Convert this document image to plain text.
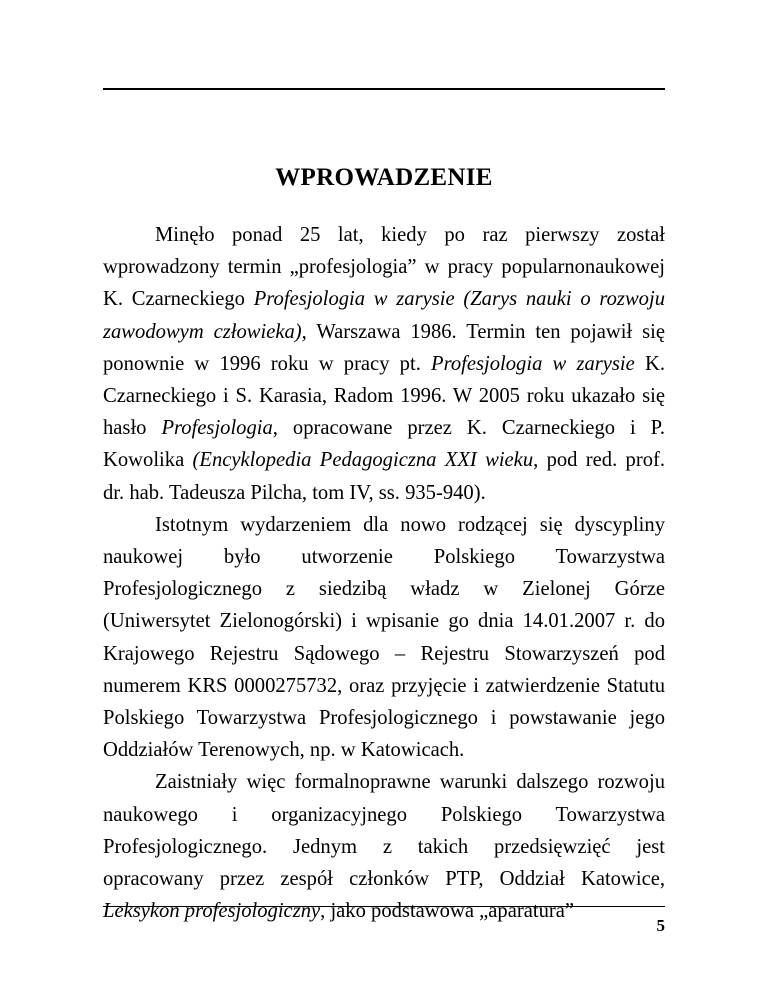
WPROWADZENIE

Minęło ponad 25 lat, kiedy po raz pierwszy został wprowadzony termin „profesjologia” w pracy popularnonaukowej K. Czarneckiego Profesjologia w zarysie (Zarys nauki o rozwoju zawodowym człowieka), Warszawa 1986. Termin ten pojawił się ponownie w 1996 roku w pracy pt. Profesjologia w zarysie K. Czarneckiego i S. Karasia, Radom 1996. W 2005 roku ukazało się hasło Profesjologia, opracowane przez K. Czarneckiego i P. Kowolika (Encyklopedia Pedagogiczna XXI wieku, pod red. prof. dr. hab. Tadeusza Pilcha, tom IV, ss. 935-940).

Istotnym wydarzeniem dla nowo rodzącej się dyscypliny naukowej było utworzenie Polskiego Towarzystwa Profesjologicznego z siedzibą władz w Zielonej Górze (Uniwersytet Zielonogórski) i wpisanie go dnia 14.01.2007 r. do Krajowego Rejestru Sądowego – Rejestru Stowarzyszeń pod numerem KRS 0000275732, oraz przyjęcie i zatwierdzenie Statutu Polskiego Towarzystwa Profesjologicznego i powstawanie jego Oddziałów Terenowych, np. w Katowicach.

Zaistniały więc formalnoprawne warunki dalszego rozwoju naukowego i organizacyjnego Polskiego Towarzystwa Profesjologicznego. Jednym z takich przedsięwzięć jest opracowany przez zespół członków PTP, Oddział Katowice, Leksykon profesjologiczny, jako podstawowa „aparatura”

5
